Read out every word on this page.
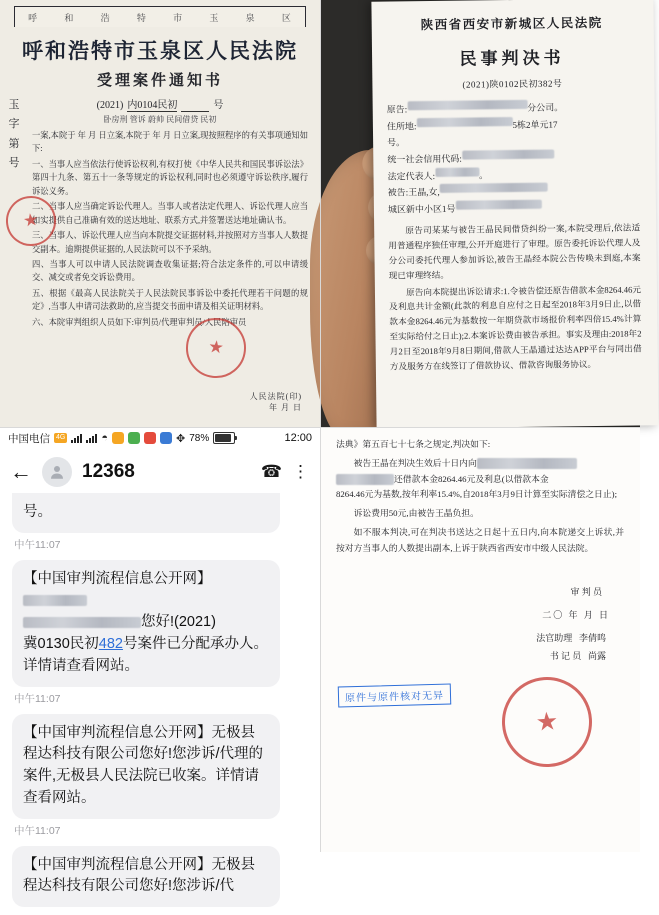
呼	和	浩	特	市	玉	泉	区
呼和浩特市玉泉区人民法院
受理案件通知书
(2021) 内0104民初
	号
卧房刑 管诉 蔚帅 民间借贷 民初
玉
字
第
号

一案,本院于 年 月 日立案,本院于 年 月 日立案,现按照程序的有关事项通知如下:

一、当事人应当依法行使诉讼权利,有权打使《中华人民共和国民事诉讼法》第四十九条、第五十一条等规定的诉讼权利,同时也必须遵守诉讼秩序,履行诉讼义务。

二、当事人应当确定诉讼代理人。当事人或者法定代理人、诉讼代理人应当如实提供自己准确有效的送达地址、联系方式,并签署送达地址确认书。

三、当事人、诉讼代理人应当向本院提交证据材料,并按照对方当事人人数提交副本。逾期提供证据的,人民法院可以不予采纳。

四、当事人可以申请人民法院调查收集证据;符合法定条件的,可以申请缓交、减交或者免交诉讼费用。

五、根据《最高人民法院关于人民法院民事诉讼中委托代理若干问题的规定》,当事人申请司法救助的,应当提交书面申请及相关证明材料。

六、本院审判组织人员如下:审判员/代理审判员/人民陪审员

★
★
人民法院(印)
年 月 日
陕西省西安市新城区人民法院
民事判决书
(2021)陕0102民初382号
原告:	分公司。
住所地:	5栋2单元17
号。
统一社会信用代码:
法定代表人:	。
被告:王晶,女,
城区新中小区1号

原告司某某与被告王晶民间借贷纠纷一案,本院受理后,依法适用普通程序独任审理,公开开庭进行了审理。原告委托诉讼代理人及分公司委托代理人参加诉讼,被告王晶经本院公告传唤未到庭,本案现已审理终结。

原告向本院提出诉讼请求:1.令被告偿还原告借款本金8264.46元及利息共计金额(此款的利息自应付之日起至2018年3月9日止,以借款本金8264.46元为基数按一年期贷款市场报价利率四倍15.4%计算至实际给付之日止);2.本案诉讼费由被告承担。事实及理由:2018年2月2日至2018年9月8日期间,借款人王晶通过达达APP平台与同出借方及服务方在线签订了借款协议、借款咨询服务协议。

中国电信 4G	◓	✥ 78%	12:00
←	12368	☎ ⋮
号。
中午11:07
【中国审判流程信息公开网】
您好!(2021)
冀0130民初482号案件已分配承办人。详情请查看网站。
中午11:07
【中国审判流程信息公开网】无极县程达科技有限公司您好!您涉诉/代理的案件,无极县人民法院已收案。详情请查看网站。
中午11:07
【中国审判流程信息公开网】无极县程达科技有限公司您好!您涉诉/代

法典》第五百七十七条之规定,判决如下:

被告王晶在判决生效后十日内向
还借款本金8264.46元及利息(以借款本金
8264.46元为基数,按年利率15.4%,自2018年3月9日计算至实际清偿之日止);

诉讼费用50元,由被告王晶负担。

如不服本判决,可在判决书送达之日起十五日内,向本院递交上诉状,并按对方当事人的人数提出副本,上诉于陕西省西安市中级人民法院。

审 判 员
二〇 年 月 日
★
原件与原件核对无异
法官助理 李倩鸣
书 记 员 尚露
